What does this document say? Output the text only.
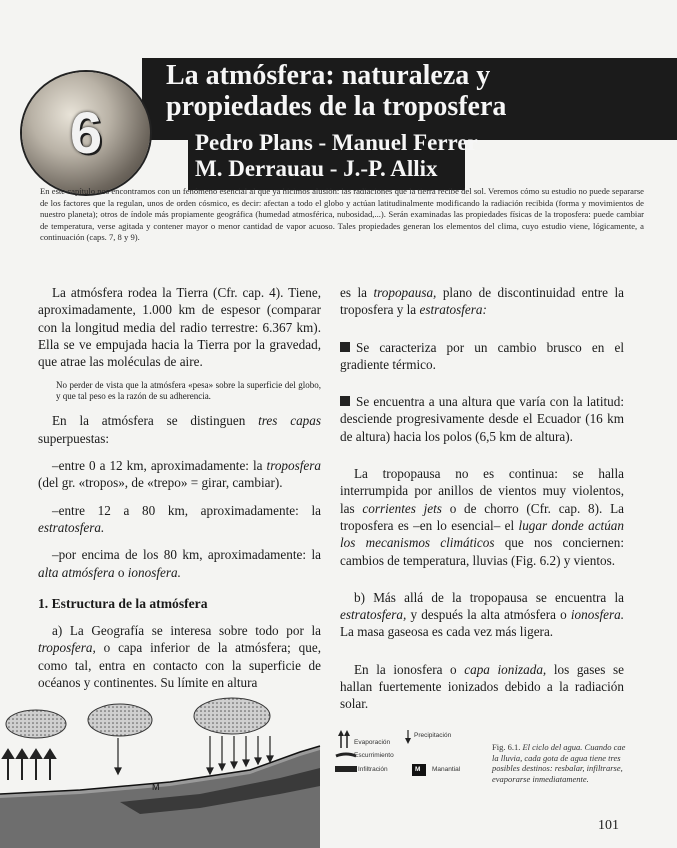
6
La atmósfera: naturaleza y
propiedades de la troposfera
Pedro Plans - Manuel Ferrer
M. Derrauau - J.-P. Allix
En este capítulo nos encontramos con un fenómeno esencial al que ya hicimos alusión: las radiaciones que la tierra recibe del sol. Veremos cómo su estudio no puede separarse de los factores que la regulan, unos de orden cósmico, es decir: afectan a todo el globo y actúan latitudinalmente modificando la radiación recibida (forma y movimientos de nuestro planeta); otros de índole más propiamente geográfica (humedad atmosférica, nubosidad,...). Serán examinadas las propiedades físicas de la troposfera: puede cambiar de temperatura, verse agitada y contener mayor o menor cantidad de vapor acuoso. Tales propiedades generan los elementos del clima, cuyo estudio viene, lógicamente, a continuación (caps. 7, 8 y 9).

La atmósfera rodea la Tierra (Cfr. cap. 4). Tiene, aproximadamente, 1.000 km de espesor (comparar con la longitud media del radio terrestre: 6.367 km). Ella se ve empujada hacia la Tierra por la gravedad, que atrae las moléculas de aire.

No perder de vista que la atmósfera «pesa» sobre la superficie del globo, y que tal peso es la razón de su adherencia.

En la atmósfera se distinguen tres capas superpuestas:

–entre 0 a 12 km, aproximadamente: la troposfera (del gr. «tropos», de «trepo» = girar, cambiar).

–entre 12 a 80 km, aproximadamente: la estratosfera.

–por encima de los 80 km, aproximadamente: la alta atmósfera o ionosfera.

1. Estructura de la atmósfera

a) La Geografía se interesa sobre todo por la troposfera, o capa inferior de la atmósfera; que, como tal, entra en contacto con la superficie de océanos y continentes. Su límite en altura

es la tropopausa, plano de discontinuidad entre la troposfera y la estratosfera:

Se caracteriza por un cambio brusco en el gradiente térmico.

Se encuentra a una altura que varía con la latitud: desciende progresivamente desde el Ecuador (16 km de altura) hacia los polos (6,5 km de altura).

La tropopausa no es continua: se halla interrumpida por anillos de vientos muy violentos, las corrientes jets o de chorro (Cfr. cap. 8). La troposfera es –en lo esencial– el lugar donde actúan los mecanismos climáticos que nos conciernen: cambios de temperatura, lluvias (Fig. 6.2) y vientos.

b) Más allá de la tropopausa se encuentra la estratosfera, y después la alta atmósfera o ionosfera. La masa gaseosa es cada vez más ligera.

En la ionosfera o capa ionizada, los gases se hallan fuertemente ionizados debido a la radiación solar.

M
Evaporación
Precipitación
Escurrimiento
Infiltración	M Manantial
Fig. 6.1. El ciclo del agua. Cuando cae la lluvia, cada gota de agua tiene tres posibles destinos: resbalar, infiltrarse, evaporarse inmediatamente.
101
